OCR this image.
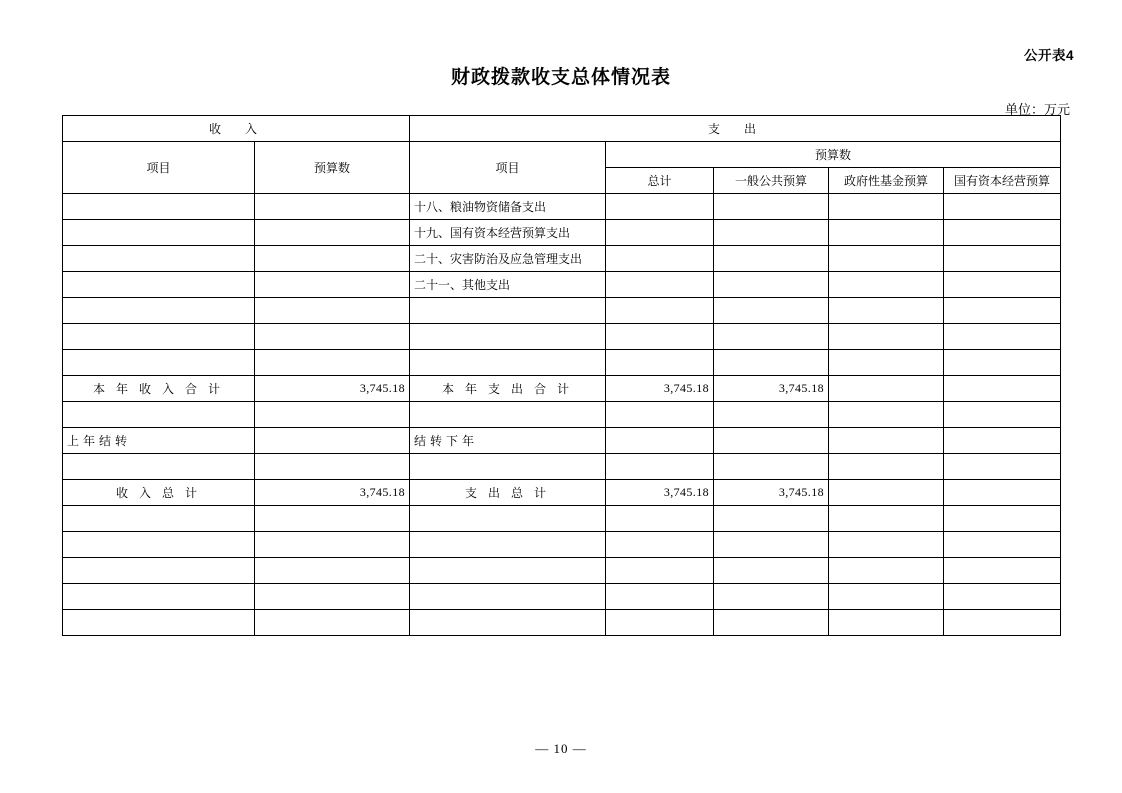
公开表4
财政拨款收支总体情况表
单位：万元
收　入		支　出				
项目	预算数	项目	预算数			
			总计	一般公共预算	政府性基金预算	国有资本经营预算
		十八、粮油物资储备支出				
		十九、国有资本经营预算支出				
		二十、灾害防治及应急管理支出				
		二十一、其他支出				

本 年 收 入 合 计	3,745.18	本 年 支 出 合 计	3,745.18	3,745.18		

上年结转		结转下年				

收 入 总 计	3,745.18	支 出 总 计	3,745.18	3,745.18		

— 10 —
